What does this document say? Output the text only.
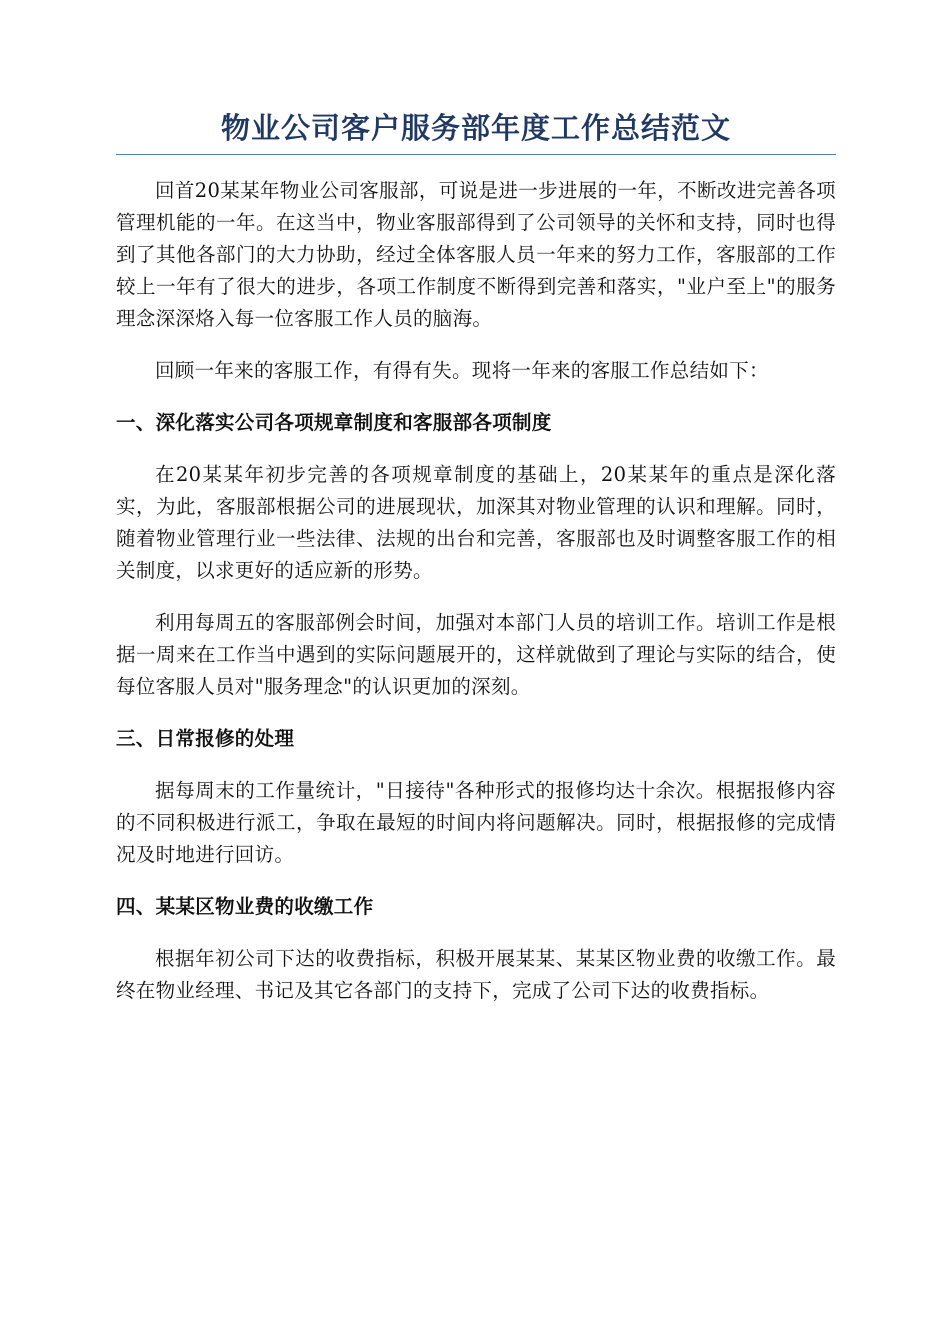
物业公司客户服务部年度工作总结范文

回首20某某年物业公司客服部，可说是进一步进展的一年，不断改进完善各项管理机能的一年。在这当中，物业客服部得到了公司领导的关怀和支持，同时也得到了其他各部门的大力协助，经过全体客服人员一年来的努力工作，客服部的工作较上一年有了很大的进步，各项工作制度不断得到完善和落实，"业户至上"的服务理念深深烙入每一位客服工作人员的脑海。

回顾一年来的客服工作，有得有失。现将一年来的客服工作总结如下：

一、深化落实公司各项规章制度和客服部各项制度

在20某某年初步完善的各项规章制度的基础上，20某某年的重点是深化落实，为此，客服部根据公司的进展现状，加深其对物业管理的认识和理解。同时，随着物业管理行业一些法律、法规的出台和完善，客服部也及时调整客服工作的相关制度，以求更好的适应新的形势。

利用每周五的客服部例会时间，加强对本部门人员的培训工作。培训工作是根据一周来在工作当中遇到的实际问题展开的，这样就做到了理论与实际的结合，使每位客服人员对"服务理念"的认识更加的深刻。

三、日常报修的处理

据每周末的工作量统计，"日接待"各种形式的报修均达十余次。根据报修内容的不同积极进行派工，争取在最短的时间内将问题解决。同时，根据报修的完成情况及时地进行回访。

四、某某区物业费的收缴工作

根据年初公司下达的收费指标，积极开展某某、某某区物业费的收缴工作。最终在物业经理、书记及其它各部门的支持下，完成了公司下达的收费指标。
